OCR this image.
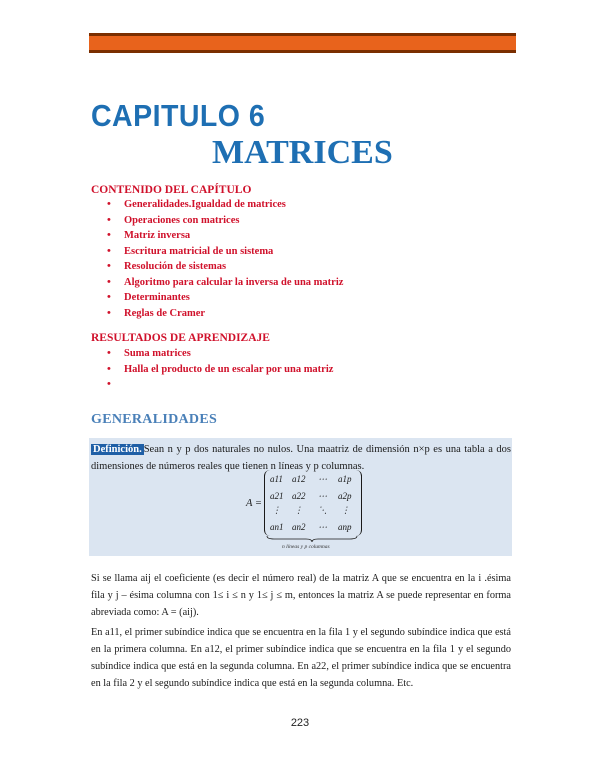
CAPITULO 6
MATRICES
CONTENIDO DEL CAPÍTULO
• Generalidades.Igualdad de matrices
• Operaciones con matrices
• Matriz inversa
• Escritura matricial de un sistema
• Resolución de sistemas
• Algoritmo para calcular la inversa de una matriz
• Determinantes
• Reglas de Cramer
RESULTADOS DE APRENDIZAJE
• Suma matrices
• Halla el producto de un escalar por una matriz
•
GENERALIDADES
Definición. Sean n y p dos naturales no nulos. Una maatriz de dimensión n×p es una tabla a dos dimensiones de números reales que tienen n líneas y p columnas.
A =
a11 a12 ⋯ a1p
a21 a22 ⋯ a2p
⋮ ⋮ ⋱ ⋮
an1 an2 ⋯ anp
n líneas y p columnas
Si se llama aij el coeficiente (es decir el número real) de la matriz A que se encuentra en la i .ésima fila y j – ésima columna con 1≤ i ≤ n y 1≤ j ≤ m, entonces la matriz A se puede representar en forma abreviada como: A = (aij).
En a11, el primer subíndice indica que se encuentra en la fila 1 y el segundo subíndice indica que está en la primera columna. En a12, el primer subíndice indica que se encuentra en la fila 1 y el segundo subíndice indica que está en la segunda columna. En a22, el primer subíndice indica que se encuentra en la fila 2 y el segundo subíndice indica que está en la segunda columna. Etc.
223
